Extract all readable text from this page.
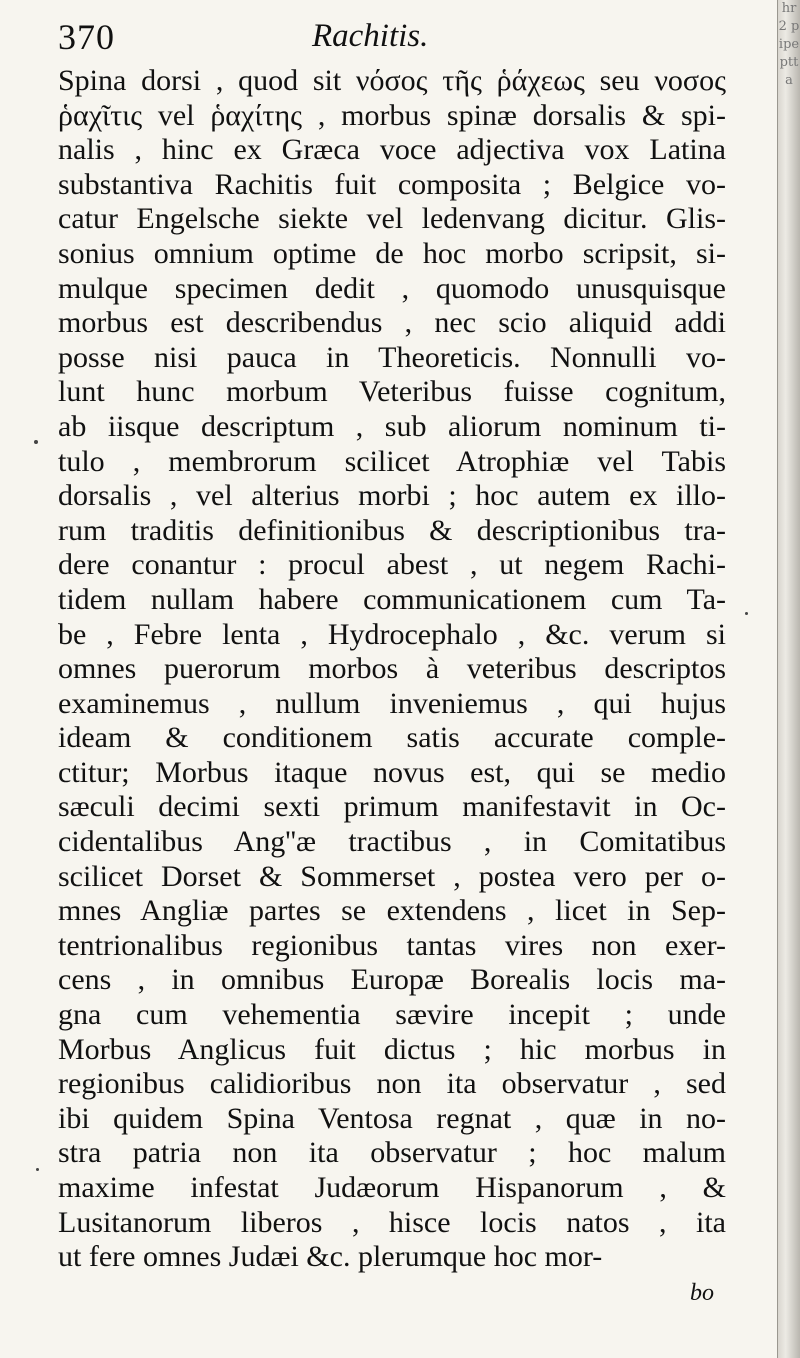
370	Rachitis.
Spina dorsi , quod sit νόσος τῆς ῥάχεως seu νοσος
ῥαχῖτις vel ῥαχίτης , morbus spinæ dorsalis & spi-
nalis , hinc ex Græca voce adjectiva vox Latina
substantiva Rachitis fuit composita ; Belgice vo-
catur Engelsche siekte vel ledenvang dicitur. Glis-
sonius omnium optime de hoc morbo scripsit, si-
mulque specimen dedit , quomodo unusquisque
morbus est describendus , nec scio aliquid addi
posse nisi pauca in Theoreticis. Nonnulli vo-
lunt hunc morbum Veteribus fuisse cognitum,
ab iisque descriptum , sub aliorum nominum ti-
tulo , membrorum scilicet Atrophiæ vel Tabis
dorsalis , vel alterius morbi ; hoc autem ex illo-
rum traditis definitionibus & descriptionibus tra-
dere conantur : procul abest , ut negem Rachi-
tidem nullam habere communicationem cum Ta-
be , Febre lenta , Hydrocephalo , &c. verum si
omnes puerorum morbos à veteribus descriptos
examinemus , nullum inveniemus , qui hujus
ideam & conditionem satis accurate comple-
ctitur; Morbus itaque novus est, qui se medio
sæculi decimi sexti primum manifestavit in Oc-
cidentalibus Ang''æ tractibus , in Comitatibus
scilicet Dorset & Sommerset , postea vero per o-
mnes Angliæ partes se extendens , licet in Sep-
tentrionalibus regionibus tantas vires non exer-
cens , in omnibus Europæ Borealis locis ma-
gna cum vehementia sævire incepit ; unde
Morbus Anglicus fuit dictus ; hic morbus in
regionibus calidioribus non ita observatur , sed
ibi quidem Spina Ventosa regnat , quæ in no-
stra patria non ita observatur ; hoc malum
maxime infestat Judæorum Hispanorum , &
Lusitanorum liberos , hisce locis natos , ita
ut fere omnes Judæi &c. plerumque hoc mor-
bo
hr2 pipe ptta
